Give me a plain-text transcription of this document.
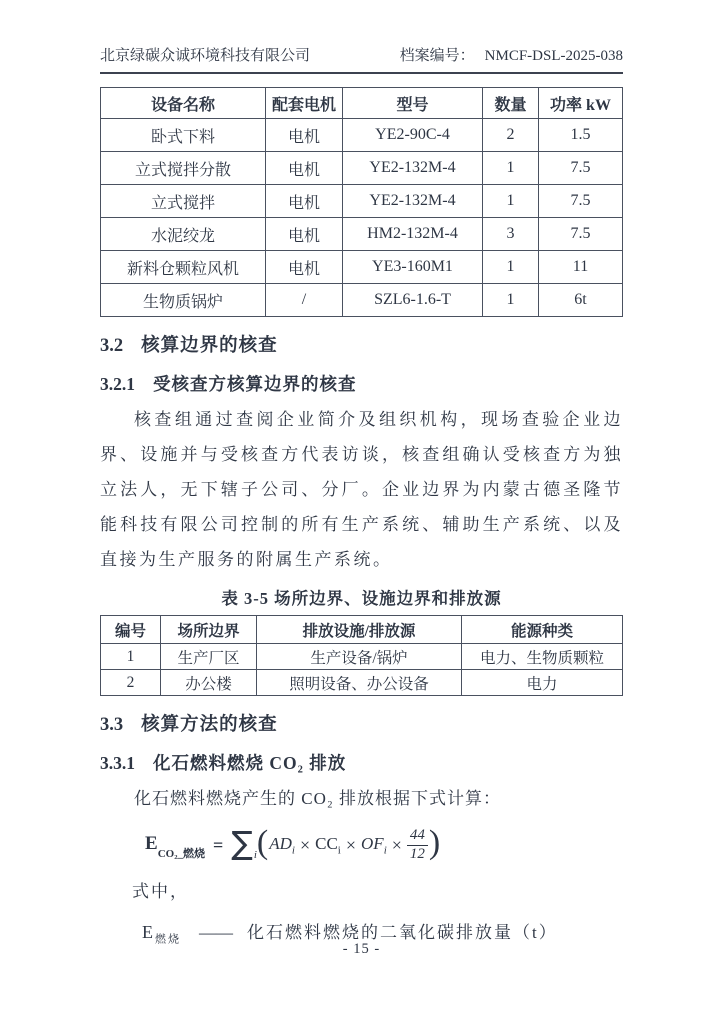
北京绿碳众诚环境科技有限公司	档案编号： NMCF-DSL-2025-038
设备名称	配套电机	型号	数量	功率 kW
卧式下料	电机	YE2-90C-4	2	1.5
立式搅拌分散	电机	YE2-132M-4	1	7.5
立式搅拌	电机	YE2-132M-4	1	7.5
水泥绞龙	电机	HM2-132M-4	3	7.5
新料仓颗粒风机	电机	YE3-160M1	1	11
生物质锅炉	/	SZL6-1.6-T	1	6t
3.2 核算边界的核查
3.2.1 受核查方核算边界的核查

核查组通过查阅企业简介及组织机构，现场查验企业边界、设施并与受核查方代表访谈，核查组确认受核查方为独立法人，无下辖子公司、分厂。企业边界为内蒙古德圣隆节能科技有限公司控制的所有生产系统、辅助生产系统、以及直接为生产服务的附属生产系统。

表 3-5 场所边界、设施边界和排放源
编号	场所边界	排放设施/排放源	能源种类
1	生产厂区	生产设备/锅炉	电力、生物质颗粒
2	办公楼	照明设备、办公设备	电力
3.3 核算方法的核查
3.3.1 化石燃料燃烧 CO₂ 排放

化石燃料燃烧产生的 CO₂ 排放根据下式计算：

$E_{CO_2\_燃烧} = \sum_i$ ( $AD_i \times CC_i \times OF_i \times \frac{44}{12}$ )

式中，

$E_{燃烧}$ —— 化石燃料燃烧的二氧化碳排放量（t）

- 15 -
